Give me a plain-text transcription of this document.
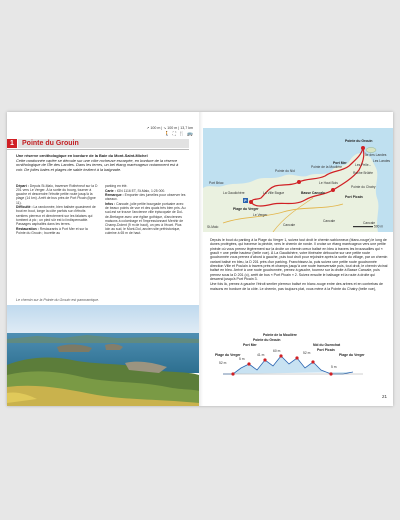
↗ 100 m | ↘ 100 m | 13,7 km
🚶 ⛶ 🍴 🚌
1	Pointe du Grouin
Une réserve ornithologique en bordure de la Baie du Mont-Saint-Michel
Cette randonnée variée se déroule sur une côte rocheuse escarpée, en bordure de la réserve ornithologique de l'Île des Landes. Dans les terres, un bel étang marécageux notamment est à voir. De jolies baies et plages de sable invitent à la baignade.

Départ : Depuis St-Malo, traverser Rothéneuf sur la D 201 vers Le Verger. À la sortie du bourg, tourner à gauche et descendre l'étroite petite route jusqu'à la plage (14 km). Arrêt de bus près de Port Picain (ligne 11).

Difficulté : La randonnée, bien balisée quasiment de bout en bout, longe la côte parfois sur d'étroits sentiers pierreux et directement sur les falaises qui tombent à pic ; un pied sûr est ici indispensable. Passages asphaltés dans les terres.

Restauration : Restaurants à Port Mer et sur la Pointe du Grouin ; buvette au

parking en été.

Carte : IGN 1116 ET, St-Malo, 1:25 000.

Remarque : Emporter des jumelles pour observer les oiseaux.

Infos : Cancale, jolie petite bourgade portuaire avec de beaux points de vue et des quais très bien pris. Au sud-est se trouve l'ancienne ville épiscopale de Dol-de-Bretagne avec une église gothique, d'anciennes maisons à colombage et l'impressionnant Menhir de Champ-Dolent (9 m de haut), un peu à l'écart. Plus loin au sud, le Mont-Dol, ancien site préhistorique, culmine à 65 m de haut.

Le chemin sur la Pointe du Grouin est panoramique.
P
Île des Landes
Pointe du Grouin
Pointe de la Moulière
Port Mer
Pointe du Nid
Le Haut Bois
Port Picain
Plage du Verger
Basse Cancale
Pointe du Chatry
Roche Brûlée
Les Pelle...
Le Verger
St-Malo
Cancale
Cancale
La Ville Bague
La Gaudichère
Port Briac
Cancale
Les Landes
500 m

Depuis le bout du parking à la Plage du Verger 1, suivez tout droit le chemin sablonneux (blanc-rouge) le long de dunes protégées, qui traverse la pinède, vers le chemin de ronde. Il croise un étang marécageux vers une petite pinède où vous prenez légèrement sur la droite un chemin creux balisé en bleu à travers les broussailles qui « grault » une petite hauteur (belle vue). À La Gaudichère, votre itinéraire débouche sur une petite route goudronnée vous prenez d'abord à gauche, puis tout droit pour rejoindre après la sortie du village, par un chemin variant balisé en bleu, la D 201 près d'un parking. Franchissez-la, puis suivez une petite route goudronnée direction Ville et Poulain à travers prés et champs jusqu'à une route transversale puis, tout droit, le chemin vicinal balisé en bleu. Arrivé à une route goudronnée, prenez à gauche, tournez sur la droite à Basse Cancale, puis prenez sous la D 201 (o), arrêt de bus « Port Picain » 2. Suivez ensuite le balisage et la route à droite qui descend jusqu'à Port Picain 3.

Une fois là, prenez à gauche l'étroit sentier pierreux balisé en blanc-rouge entre des arbres et en contrebas de maisons en bordure de la côte. Le chemin, pas toujours plat, vous mène à la Pointe du Chatry (belle vue),

Pointe de la Moulière
Pointe du Grouin
Port Mer	Nid du Guenchat
Port Picain
Plage du Verger	Plage du Verger
60 m
41 m
5 m
52 m
5 m
52 m
21
